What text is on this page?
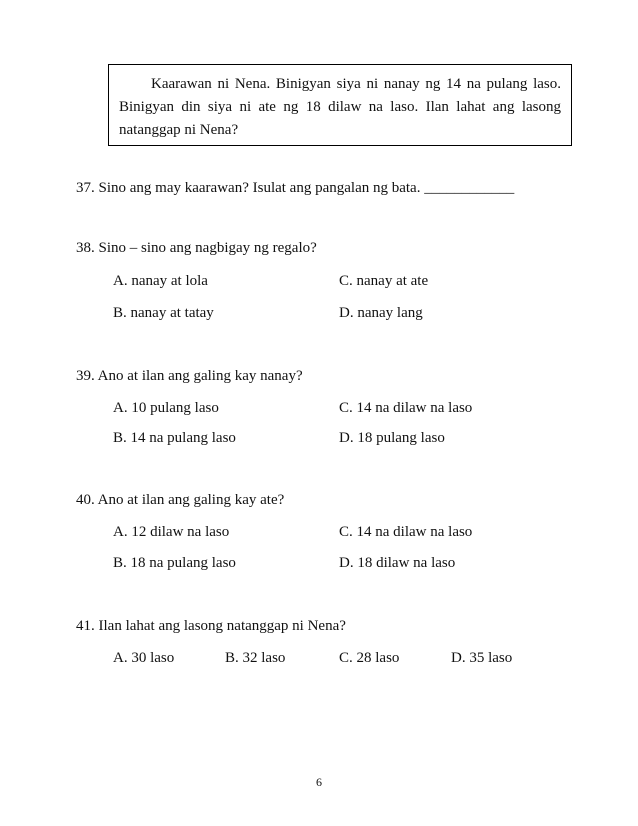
Kaarawan ni Nena. Binigyan siya ni nanay ng 14 na pulang laso. Binigyan din siya ni ate ng 18 dilaw na laso. Ilan lahat ang lasong natanggap ni Nena?

37. Sino ang may kaarawan? Isulat ang pangalan ng bata. ____________
38. Sino – sino ang nagbigay ng regalo?
A. nanay at lola	C. nanay at ate
B. nanay at tatay	D. nanay lang
39. Ano at ilan ang galing kay nanay?
A. 10 pulang laso	C. 14 na dilaw na laso
B. 14 na pulang laso	D. 18 pulang laso
40. Ano at ilan ang galing kay ate?
A. 12 dilaw na laso	C. 14 na dilaw na laso
B. 18 na pulang laso	D. 18 dilaw na laso
41. Ilan lahat ang lasong natanggap ni Nena?
A. 30 laso	B. 32 laso	C. 28 laso	D. 35 laso
6
